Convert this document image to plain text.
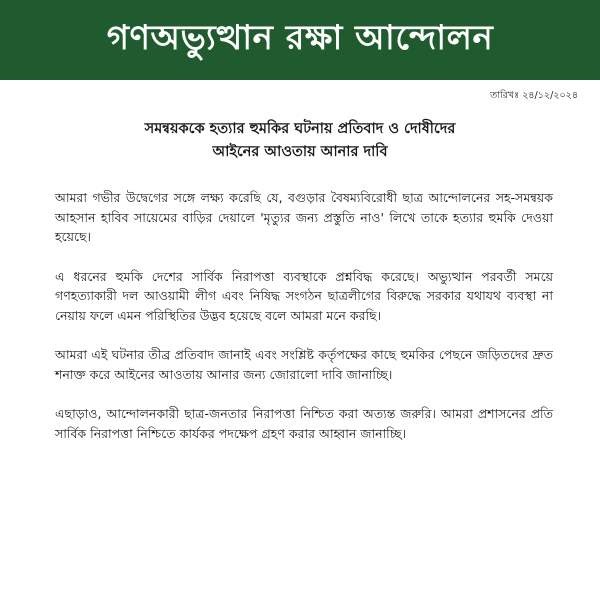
গণঅভ্যুত্থান রক্ষা আন্দোলন
তারিখঃ ২৪/১২/২০২৪
সমন্বয়ককে হত্যার হুমকির ঘটনায় প্রতিবাদ ও দোষীদের
আইনের আওতায় আনার দাবি

আমরা গভীর উদ্বেগের সঙ্গে লক্ষ্য করেছি যে, বগুড়ার বৈষম্যবিরোধী ছাত্র আন্দোলনের সহ-সমন্বয়ক আহসান হাবিব সায়েমের বাড়ির দেয়ালে 'মৃত্যুর জন্য প্রস্তুতি নাও' লিখে তাকে হত্যার হুমকি দেওয়া হয়েছে।

এ ধরনের হুমকি দেশের সার্বিক নিরাপত্তা ব্যবস্থাকে প্রশ্নবিদ্ধ করেছে। অভ্যুত্থান পরবর্তী সময়ে গণহত্যাকারী দল আওয়ামী লীগ এবং নিষিদ্ধ সংগঠন ছাত্রলীগের বিরুদ্ধে সরকার যথাযথ ব্যবস্থা না নেয়ায় ফলে এমন পরিস্থিতির উদ্ভব হয়েছে বলে আমরা মনে করছি।

আমরা এই ঘটনার তীব্র প্রতিবাদ জানাই এবং সংশ্লিষ্ট কর্তৃপক্ষের কাছে হুমকির পেছনে জড়িতদের দ্রুত শনাক্ত করে আইনের আওতায় আনার জন্য জোরালো দাবি জানাচ্ছি।

এছাড়াও, আন্দোলনকারী ছাত্র-জনতার নিরাপত্তা নিশ্চিত করা অত্যন্ত জরুরি। আমরা প্রশাসনের প্রতি সার্বিক নিরাপত্তা নিশ্চিতে কার্যকর পদক্ষেপ গ্রহণ করার আহ্বান জানাচ্ছি।
